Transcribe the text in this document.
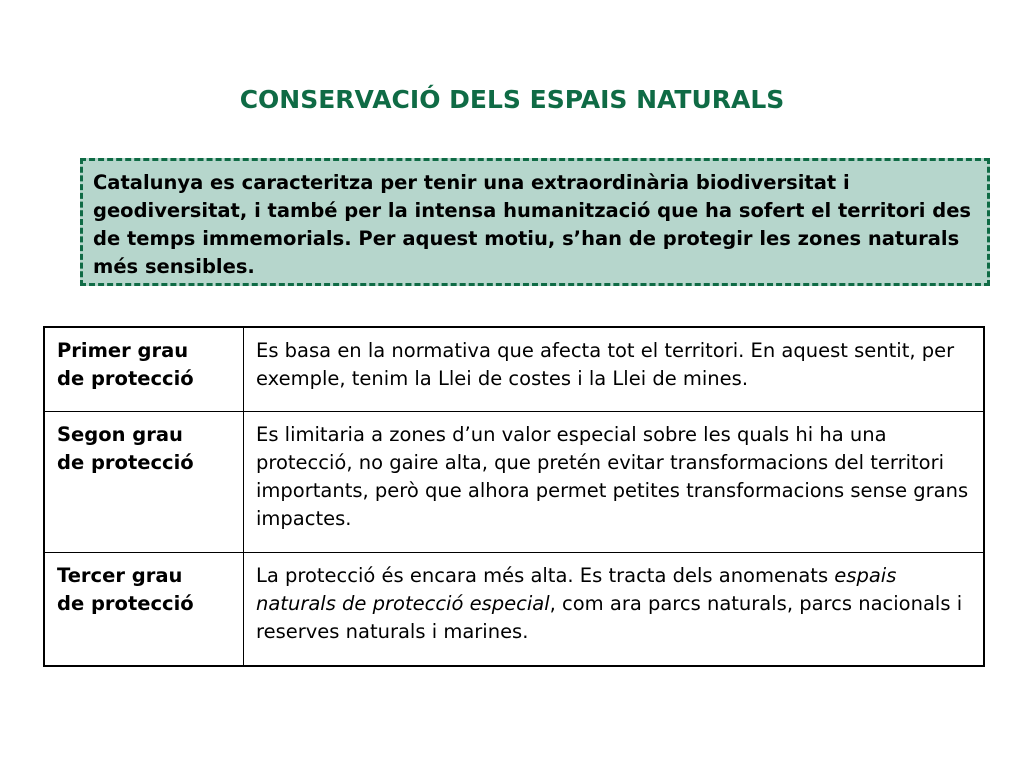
CONSERVACIÓ DELS ESPAIS NATURALS
Catalunya es caracteritza per tenir una extraordinària biodiversitat i geodiversitat, i també per la intensa humanització que ha sofert el territori des de temps immemorials. Per aquest motiu, s’han de protegir les zones naturals més sensibles.
Primer grau
de protecció	Es basa en la normativa que afecta tot el territori. En aquest sentit, per exemple, tenim la Llei de costes i la Llei de mines.

Segon grau
de protecció	Es limitaria a zones d’un valor especial sobre les quals hi ha una protecció, no gaire alta, que pretén evitar transformacions del territori importants, però que alhora permet petites transformacions sense grans impactes.

Tercer grau
de protecció	La protecció és encara més alta. Es tracta dels anomenats espais naturals de protecció especial, com ara parcs naturals, parcs nacionals i reserves naturals i marines.
